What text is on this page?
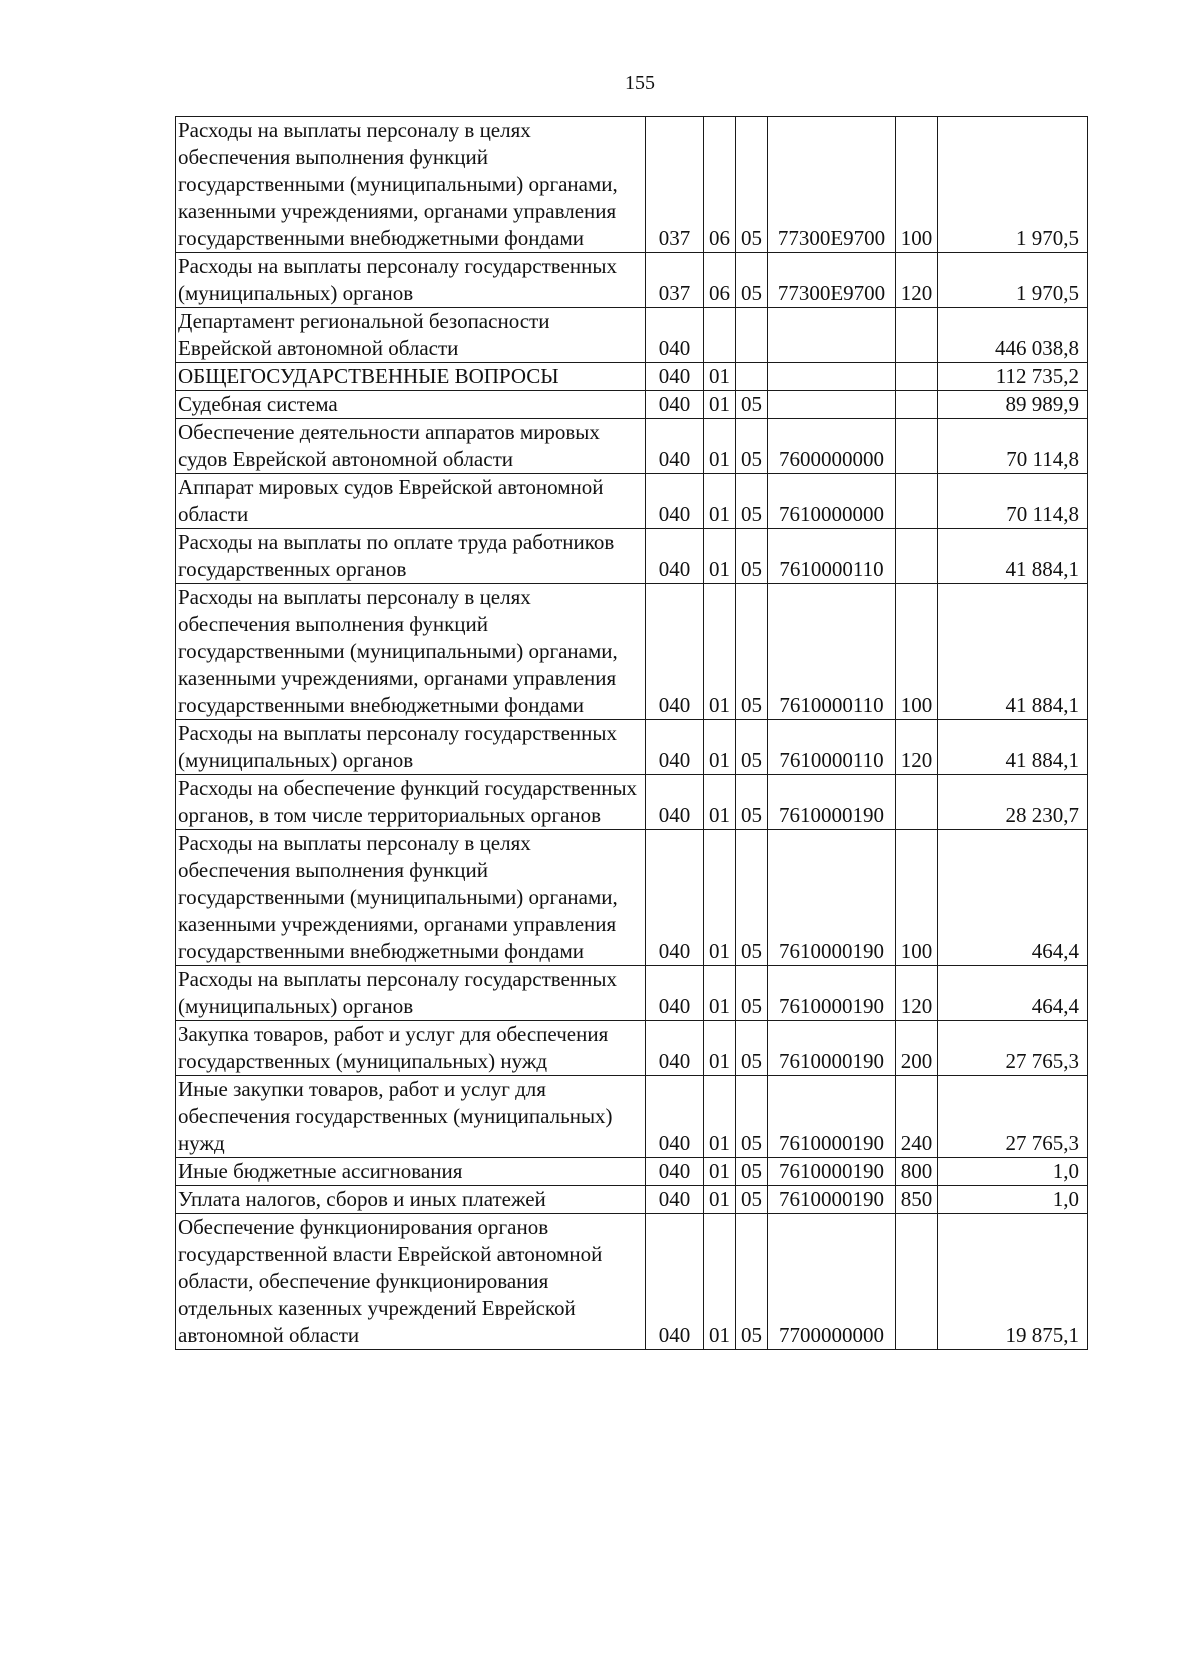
155
Расходы на выплаты персоналу в целях обеспечения выполнения функций государственными (муниципальными) органами, казенными учреждениями, органами управления государственными внебюджетными фондами	037	06	05	77300Е9700	100	1 970,5
Расходы на выплаты персоналу государственных (муниципальных) органов	037	06	05	77300Е9700	120	1 970,5
Департамент региональной безопасности Еврейской автономной области	040					446 038,8
ОБЩЕГОСУДАРСТВЕННЫЕ ВОПРОСЫ	040	01				112 735,2
Судебная система	040	01	05			89 989,9
Обеспечение деятельности аппаратов мировых судов Еврейской автономной области	040	01	05	7600000000		70 114,8
Аппарат мировых судов Еврейской автономной области	040	01	05	7610000000		70 114,8
Расходы на выплаты по оплате труда работников государственных органов	040	01	05	7610000110		41 884,1
Расходы на выплаты персоналу в целях обеспечения выполнения функций государственными (муниципальными) органами, казенными учреждениями, органами управления государственными внебюджетными фондами	040	01	05	7610000110	100	41 884,1
Расходы на выплаты персоналу государственных (муниципальных) органов	040	01	05	7610000110	120	41 884,1
Расходы на обеспечение функций государственных органов, в том числе территориальных органов	040	01	05	7610000190		28 230,7
Расходы на выплаты персоналу в целях обеспечения выполнения функций государственными (муниципальными) органами, казенными учреждениями, органами управления государственными внебюджетными фондами	040	01	05	7610000190	100	464,4
Расходы на выплаты персоналу государственных (муниципальных) органов	040	01	05	7610000190	120	464,4
Закупка товаров, работ и услуг для обеспечения государственных (муниципальных) нужд	040	01	05	7610000190	200	27 765,3
Иные закупки товаров, работ и услуг для обеспечения государственных (муниципальных) нужд	040	01	05	7610000190	240	27 765,3
Иные бюджетные ассигнования	040	01	05	7610000190	800	1,0
Уплата налогов, сборов и иных платежей	040	01	05	7610000190	850	1,0
Обеспечение функционирования органов государственной власти Еврейской автономной области, обеспечение функционирования отдельных казенных учреждений Еврейской автономной области	040	01	05	7700000000		19 875,1
